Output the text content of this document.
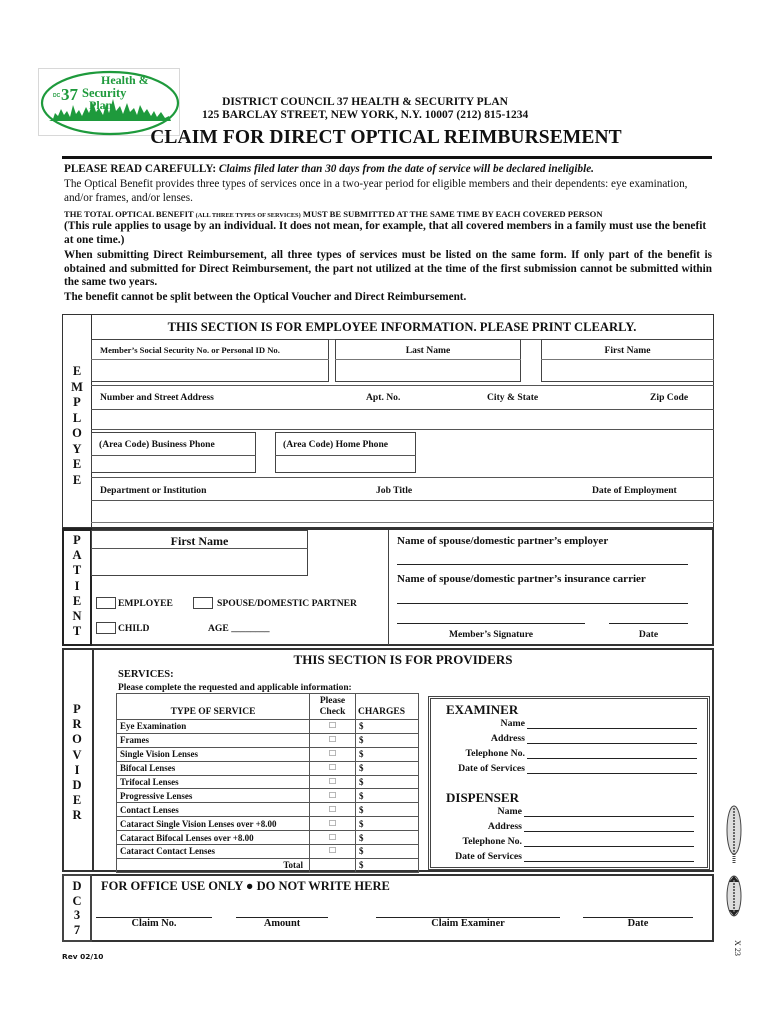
Health &
DC 37 Security
Plan	DISTRICT COUNCIL 37 HEALTH & SECURITY PLAN
125 BARCLAY STREET, NEW YORK, N.Y. 10007 (212) 815-1234
CLAIM FOR DIRECT OPTICAL REIMBURSEMENT
PLEASE READ CAREFULLY: Claims filed later than 30 days from the date of service will be declared ineligible.
The Optical Benefit provides three types of services once in a two-year period for eligible members and their dependents: eye examination, and/or frames, and/or lenses.
THE TOTAL OPTICAL BENEFIT (ALL THREE TYPES OF SERVICES) MUST BE SUBMITTED AT THE SAME TIME BY EACH COVERED PERSON
(This rule applies to usage by an individual. It does not mean, for example, that all covered members in a family must use the benefit at one time.)
When submitting Direct Reimbursement, all three types of services must be listed on the same form. If only part of the benefit is obtained and submitted for Direct Reimbursement, the part not utilized at the time of the first submission cannot be submitted within the same two years.
The benefit cannot be split between the Optical Voucher and Direct Reimbursement.
E
M
P
L
O
Y
E
E
THIS SECTION IS FOR EMPLOYEE INFORMATION. PLEASE PRINT CLEARLY.
Member’s Social Security No. or Personal ID No.	Last Name	First Name
Number and Street Address	Apt. No.	City & State	Zip Code
(Area Code) Business Phone	(Area Code) Home Phone
Department or Institution	Job Title	Date of Employment
P
A
T
I
E
N
T
First Name
EMPLOYEE	SPOUSE/DOMESTIC PARTNER
CHILD	AGE ________
Name of spouse/domestic partner’s employer
Name of spouse/domestic partner’s insurance carrier
Member’s Signature	Date
P
R
O
V
I
D
E
R
THIS SECTION IS FOR PROVIDERS
SERVICES:
Please complete the requested and applicable information:
TYPE OF SERVICE	Please Check	CHARGES
Eye Examination	□	$
Frames	□	$
Single Vision Lenses	□	$
Bifocal Lenses	□	$
Trifocal Lenses	□	$
Progressive Lenses	□	$
Contact Lenses	□	$
Cataract Single Vision Lenses over +8.00	□	$
Cataract Bifocal Lenses over +8.00	□	$
Cataract Contact Lenses	□	$
Total		$
EXAMINER
Name
Address
Telephone No.
Date of Services
DISPENSER
Name
Address
Telephone No.
Date of Services
D
C
3
7
FOR OFFICE USE ONLY ● DO NOT WRITE HERE
Claim No.	Amount	Claim Examiner	Date
Rev 02/10
X 23
